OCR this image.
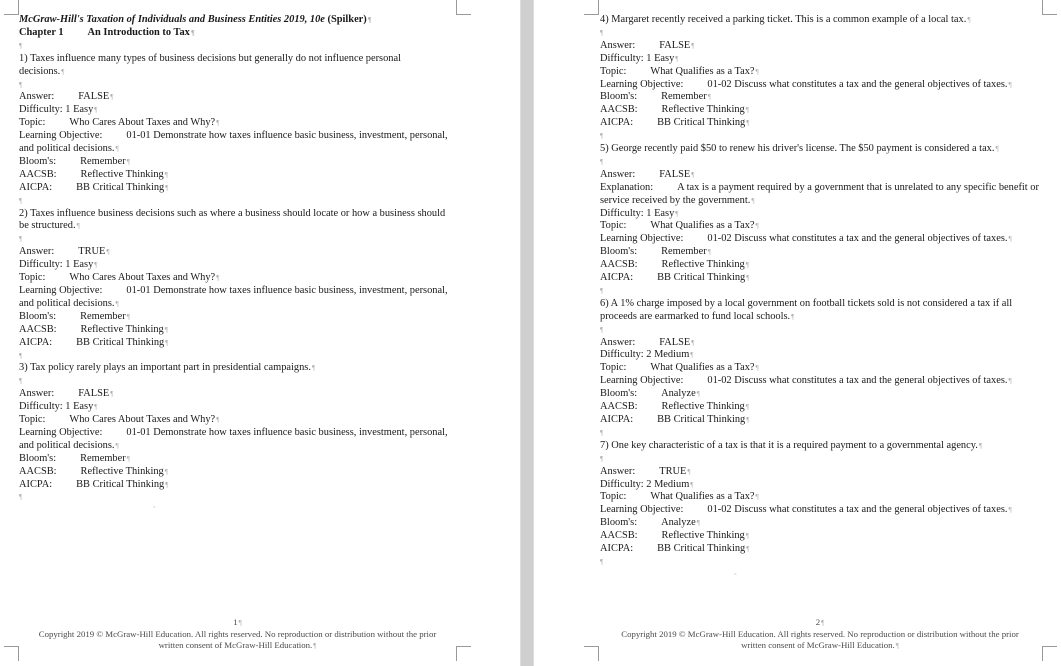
McGraw-Hill's Taxation of Individuals and Business Entities 2019, 10e (Spilker)¶
Chapter 1 An Introduction to Tax¶
¶
1) Taxes influence many types of business decisions but generally do not influence personal decisions.¶
¶
Answer: FALSE¶
Difficulty: 1 Easy¶
Topic: Who Cares About Taxes and Why?¶
Learning Objective: 01-01 Demonstrate how taxes influence basic business, investment, personal, and political decisions.¶
Bloom's: Remember¶
AACSB: Reflective Thinking¶
AICPA: BB Critical Thinking¶
¶
2) Taxes influence business decisions such as where a business should locate or how a business should be structured.¶
¶
Answer: TRUE¶
Difficulty: 1 Easy¶
Topic: Who Cares About Taxes and Why?¶
Learning Objective: 01-01 Demonstrate how taxes influence basic business, investment, personal, and political decisions.¶
Bloom's: Remember¶
AACSB: Reflective Thinking¶
AICPA: BB Critical Thinking¶
¶
3) Tax policy rarely plays an important part in presidential campaigns.¶
¶
Answer: FALSE¶
Difficulty: 1 Easy¶
Topic: Who Cares About Taxes and Why?¶
Learning Objective: 01-01 Demonstrate how taxes influence basic business, investment, personal, and political decisions.¶
Bloom's: Remember¶
AACSB: Reflective Thinking¶
AICPA: BB Critical Thinking¶
¶
◦
1¶
Copyright 2019 © McGraw-Hill Education. All rights reserved. No reproduction or distribution without the prior
written consent of McGraw-Hill Education.¶
4) Margaret recently received a parking ticket. This is a common example of a local tax.¶
¶
Answer: FALSE¶
Difficulty: 1 Easy¶
Topic: What Qualifies as a Tax?¶
Learning Objective: 01-02 Discuss what constitutes a tax and the general objectives of taxes.¶
Bloom's: Remember¶
AACSB: Reflective Thinking¶
AICPA: BB Critical Thinking¶
¶
5) George recently paid $50 to renew his driver's license. The $50 payment is considered a tax.¶
¶
Answer: FALSE¶
Explanation: A tax is a payment required by a government that is unrelated to any specific benefit or service received by the government.¶
Difficulty: 1 Easy¶
Topic: What Qualifies as a Tax?¶
Learning Objective: 01-02 Discuss what constitutes a tax and the general objectives of taxes.¶
Bloom's: Remember¶
AACSB: Reflective Thinking¶
AICPA: BB Critical Thinking¶
¶
6) A 1% charge imposed by a local government on football tickets sold is not considered a tax if all proceeds are earmarked to fund local schools.¶
¶
Answer: FALSE¶
Difficulty: 2 Medium¶
Topic: What Qualifies as a Tax?¶
Learning Objective: 01-02 Discuss what constitutes a tax and the general objectives of taxes.¶
Bloom's: Analyze¶
AACSB: Reflective Thinking¶
AICPA: BB Critical Thinking¶
¶
7) One key characteristic of a tax is that it is a required payment to a governmental agency.¶
¶
Answer: TRUE¶
Difficulty: 2 Medium¶
Topic: What Qualifies as a Tax?¶
Learning Objective: 01-02 Discuss what constitutes a tax and the general objectives of taxes.¶
Bloom's: Analyze¶
AACSB: Reflective Thinking¶
AICPA: BB Critical Thinking¶
¶
◦
2¶
Copyright 2019 © McGraw-Hill Education. All rights reserved. No reproduction or distribution without the prior
written consent of McGraw-Hill Education.¶
